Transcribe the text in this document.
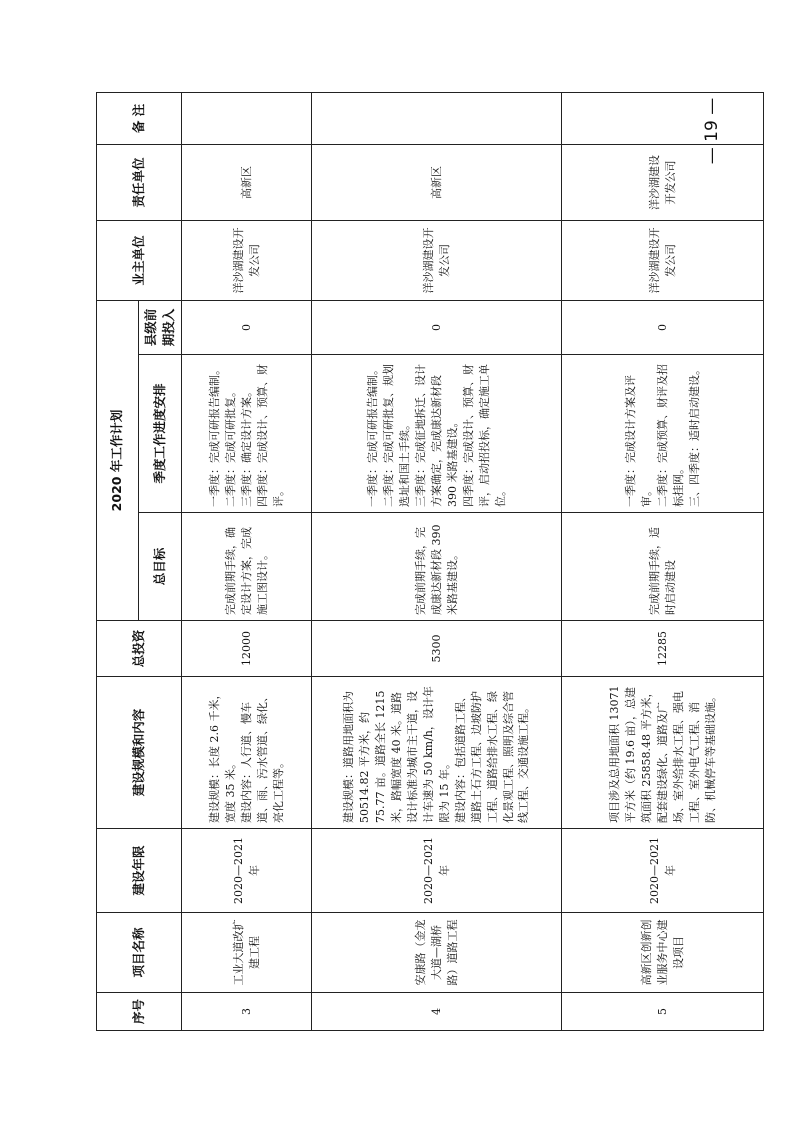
序号	项目名称	建设年限	建设规模和内容	总投资	2020 年工作计划			业主单位	责任单位	备 注
					总目标	季度工作进度安排	县级前期投入			
3	工业大道改扩建工程	2020—2021 年	建设规模：长度 2.6 千米，宽度 35 米。
建设内容：人行道、慢车道、雨、污水管道、绿化、亮化工程等。	12000	完成前期手续，确定设计方案，完成施工图设计。	一季度：完成可研报告编制。
二季度：完成可研批复。
三季度：确定设计方案。
四季度：完成设计、预算、财评。	0	洋沙湖建设开发公司	高新区	
4	安康路（金龙大道—湖桥路）道路工程	2020—2021 年	建设规模：道路用地面积为 50514.82 平方米，约 75.77 亩。道路全长 1215 米，路幅宽度 40 米。道路设计标准为城市主干道，设计车速为 50 km/h，设计年限为 15 年。
建设内容：包括道路工程、道路土石方工程、边坡防护工程、道路给排水工程、绿化景观工程、照明及综合管线工程、交通设施工程。	5300	完成前期手续，完成康达新材段 390 米路基建设。	一季度：完成可研报告编制。
二季度：完成可研批复、规划选址和国土手续。
三季度：完成征地拆迁、设计方案确定，完成康达新材段 390 米路基建设。
四季度：完成设计、预算、财评，启动招投标，确定施工单位。	0	洋沙湖建设开发公司	高新区	
5	高新区创新创业服务中心建设项目	2020—2021 年	项目涉及总用地面积 13071 平方米（约 19.6 亩），总建筑面积 25858.48 平方米，配套建设绿化、道路及广场、室外给排水工程、强电工程、室外电气工程、消防、机械停车等基础设施。	12285	完成前期手续，适时启动建设	一季度：完成设计方案及评审。
二季度：完成预算、财评及招标挂网。
三、四季度：适时启动建设。	0	洋沙湖建设开发公司	洋沙湖建设开发公司	
— 19 —
